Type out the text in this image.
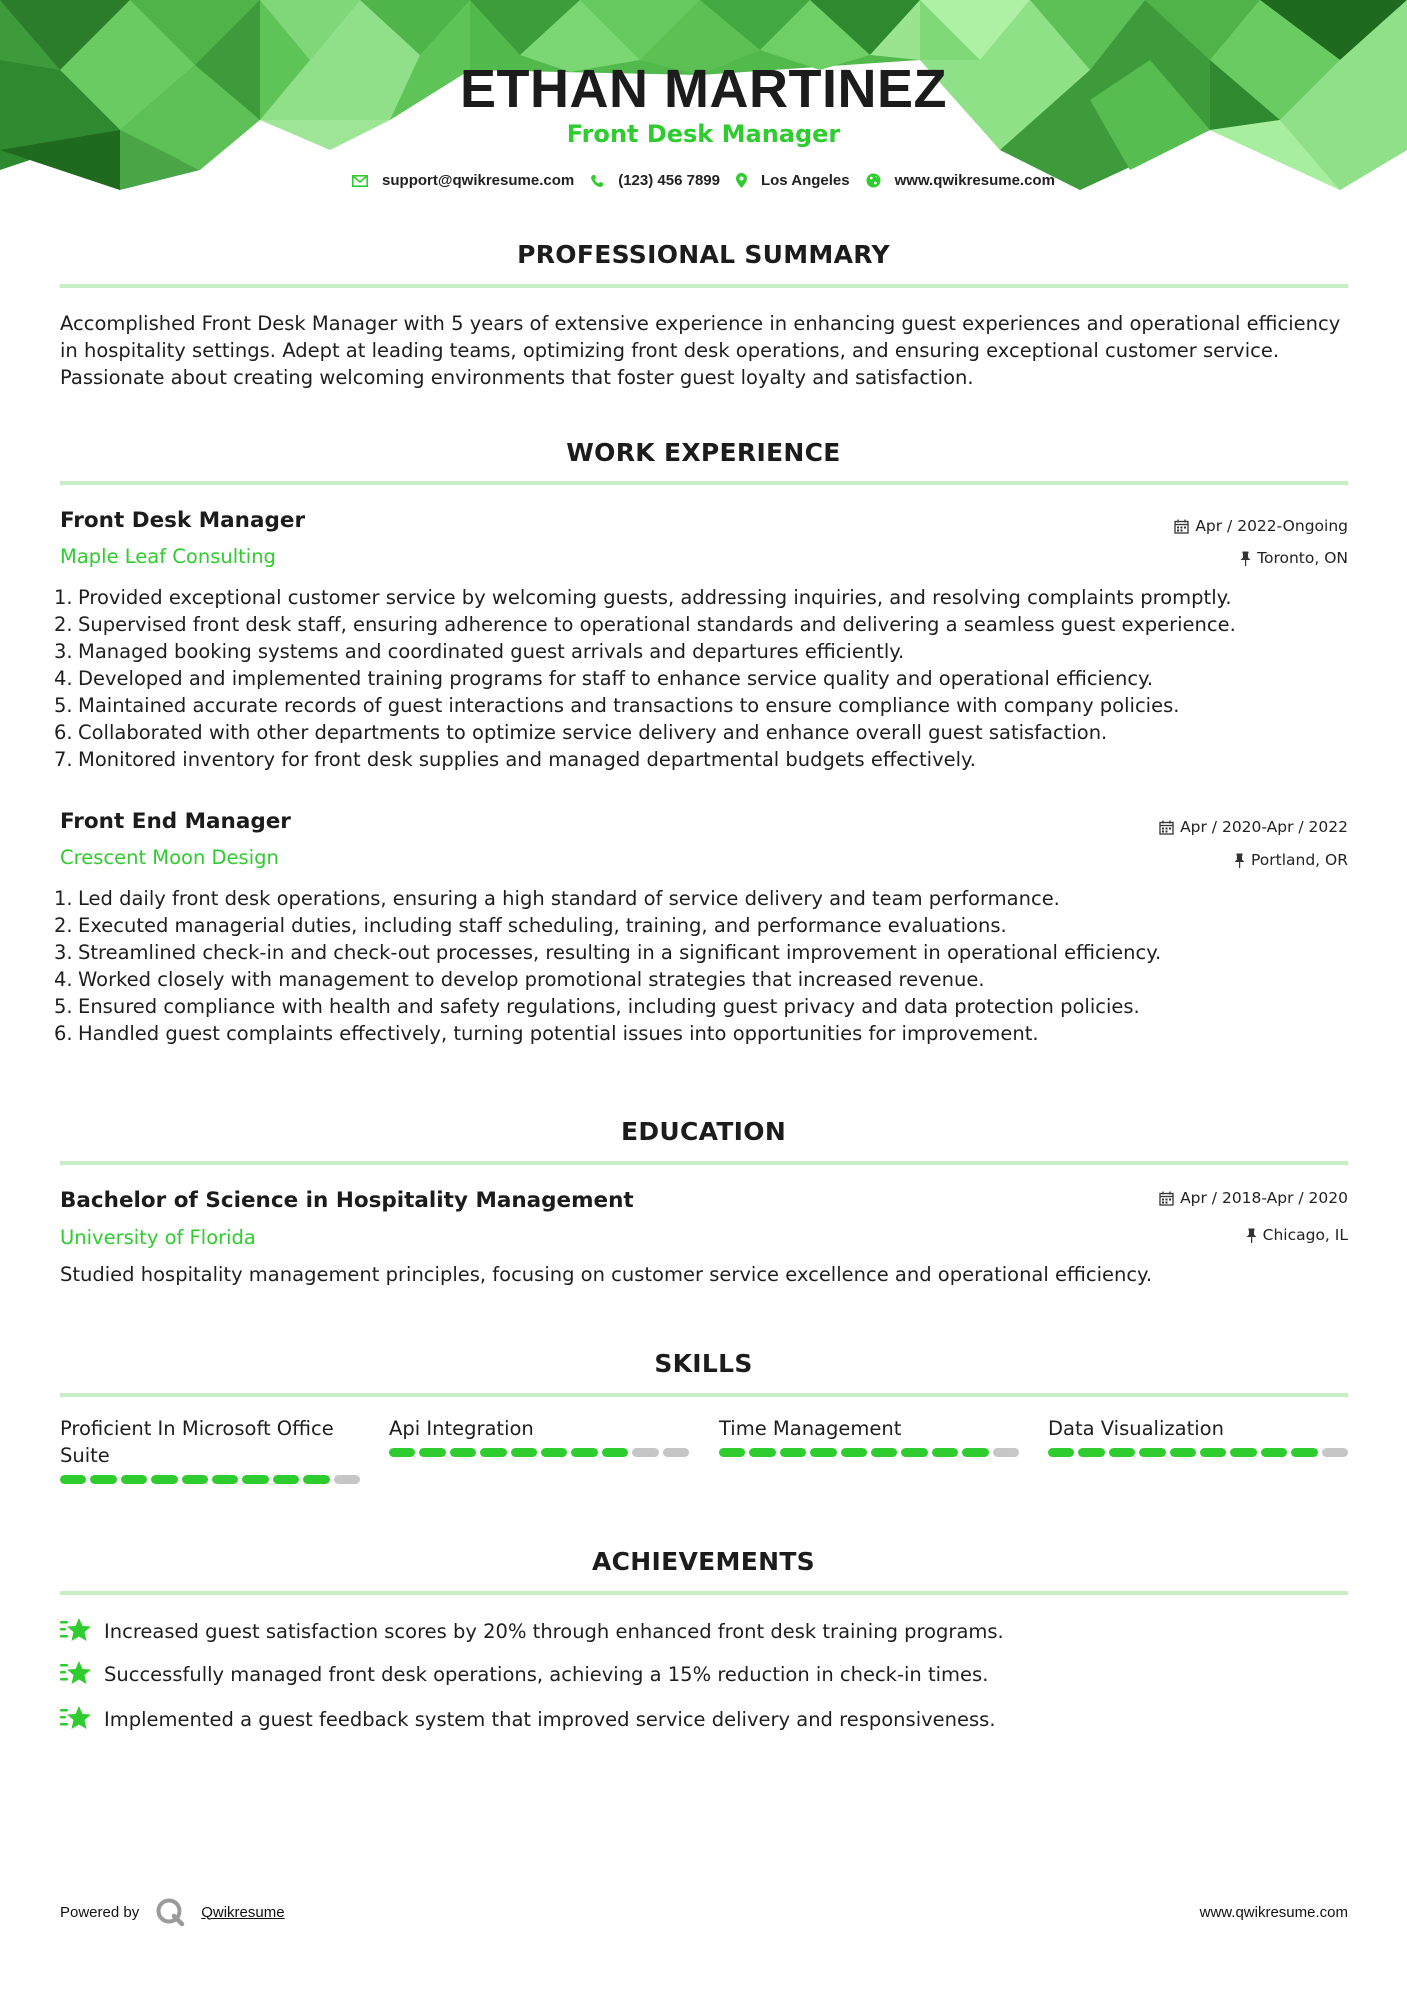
ETHAN MARTINEZ
Front Desk Manager
support@qwikresume.com	(123) 456 7899	Los Angeles	www.qwikresume.com
PROFESSIONAL SUMMARY
Accomplished Front Desk Manager with 5 years of extensive experience in enhancing guest experiences and operational efficiency in hospitality settings. Adept at leading teams, optimizing front desk operations, and ensuring exceptional customer service. Passionate about creating welcoming environments that foster guest loyalty and satisfaction.
WORK EXPERIENCE
Front Desk Manager	Apr / 2022-Ongoing
Maple Leaf Consulting	Toronto, ON
1. Provided exceptional customer service by welcoming guests, addressing inquiries, and resolving complaints promptly.
2. Supervised front desk staff, ensuring adherence to operational standards and delivering a seamless guest experience.
3. Managed booking systems and coordinated guest arrivals and departures efficiently.
4. Developed and implemented training programs for staff to enhance service quality and operational efficiency.
5. Maintained accurate records of guest interactions and transactions to ensure compliance with company policies.
6. Collaborated with other departments to optimize service delivery and enhance overall guest satisfaction.
7. Monitored inventory for front desk supplies and managed departmental budgets effectively.
Front End Manager	Apr / 2020-Apr / 2022
Crescent Moon Design	Portland, OR
1. Led daily front desk operations, ensuring a high standard of service delivery and team performance.
2. Executed managerial duties, including staff scheduling, training, and performance evaluations.
3. Streamlined check-in and check-out processes, resulting in a significant improvement in operational efficiency.
4. Worked closely with management to develop promotional strategies that increased revenue.
5. Ensured compliance with health and safety regulations, including guest privacy and data protection policies.
6. Handled guest complaints effectively, turning potential issues into opportunities for improvement.
EDUCATION
Bachelor of Science in Hospitality Management	Apr / 2018-Apr / 2020
University of Florida	Chicago, IL
Studied hospitality management principles, focusing on customer service excellence and operational efficiency.
SKILLS
Proficient In Microsoft Office Suite
Api Integration	Time Management	Data Visualization
ACHIEVEMENTS
Increased guest satisfaction scores by 20% through enhanced front desk training programs.
Successfully managed front desk operations, achieving a 15% reduction in check-in times.
Implemented a guest feedback system that improved service delivery and responsiveness.
Powered by	Qwikresume	www.qwikresume.com
